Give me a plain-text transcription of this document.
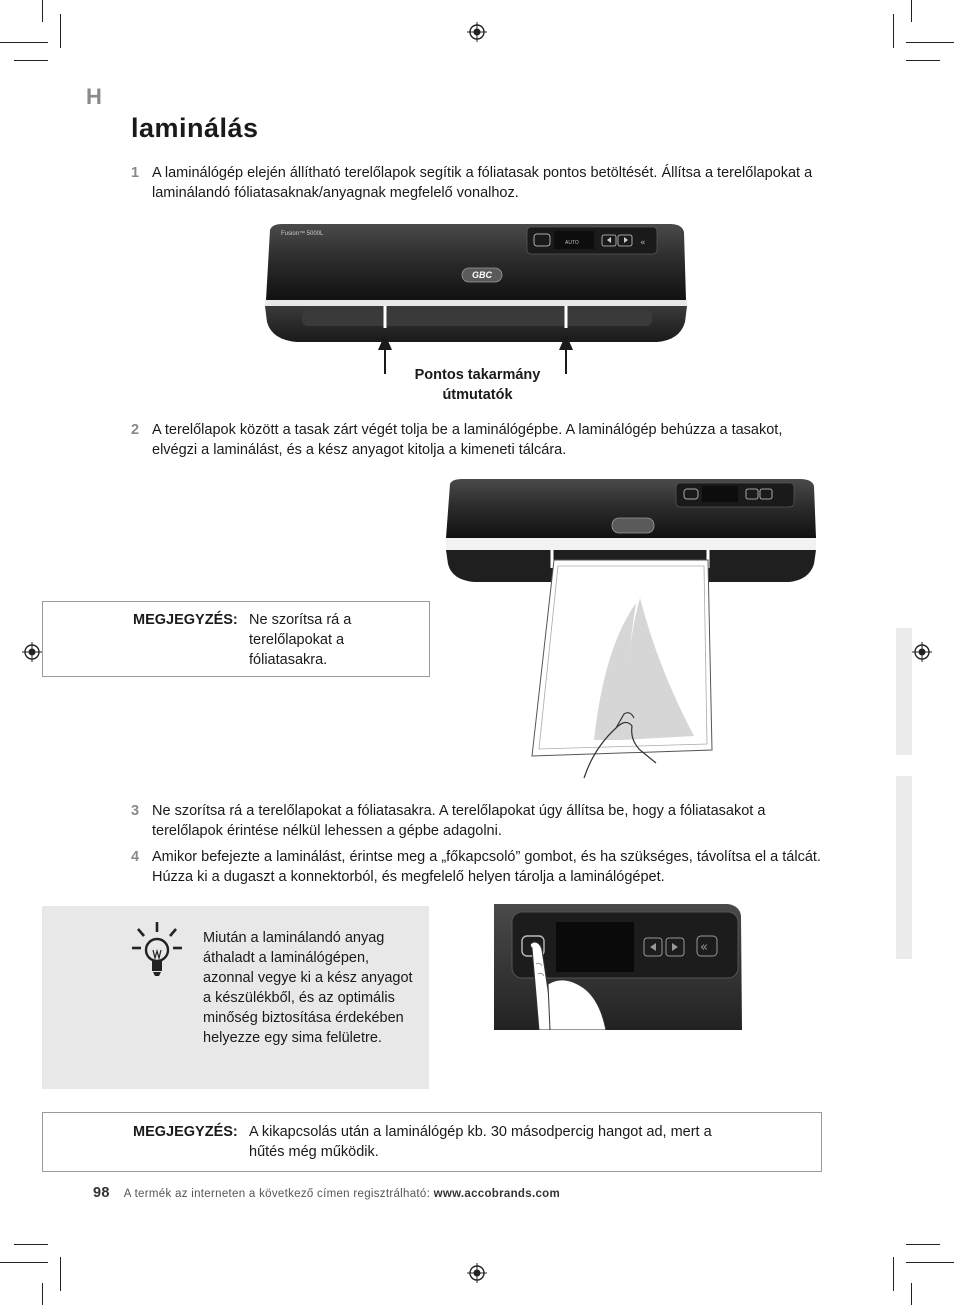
H
laminálás
1 A laminálógép elején állítható terelőlapok segítik a fóliatasak pontos betöltését. Állítsa a terelőlapokat a laminálandó fóliatasaknak/anyagnak megfelelő vonalhoz.
«
Fusion™ 5000L
GBC
AUTO
Pontos takarmány
útmutatók
2 A terelőlapok között a tasak zárt végét tolja be a laminálógépbe. A laminálógép behúzza a tasakot, elvégzi a laminálást, és a kész anyagot kitolja a kimeneti tálcára.
MEGJEGYZÉS: Ne szorítsa rá a
terelőlapokat a
fóliatasakra.
3 Ne szorítsa rá a terelőlapokat a fóliatasakra. A terelőlapokat úgy állítsa be, hogy a fóliatasakot a terelőlapok érintése nélkül lehessen a gépbe adagolni.
4 Amikor befejezte a laminálást, érintse meg a „főkapcsoló” gombot, és ha szükséges, távolítsa el a tálcát. Húzza ki a dugaszt a konnektorból, és megfelelő helyen tárolja a laminálógépet.
Miután a laminálandó anyag áthaladt a laminálógépen, azonnal vegye ki a kész anyagot a készülékből, és az optimális minőség biztosítása érdekében helyezze egy sima felületre.
«
MEGJEGYZÉS: A kikapcsolás után a laminálógép kb. 30 másodpercig hangot ad, mert a
hűtés még működik.
98 A termék az interneten a következő címen regisztrálható: www.accobrands.com
